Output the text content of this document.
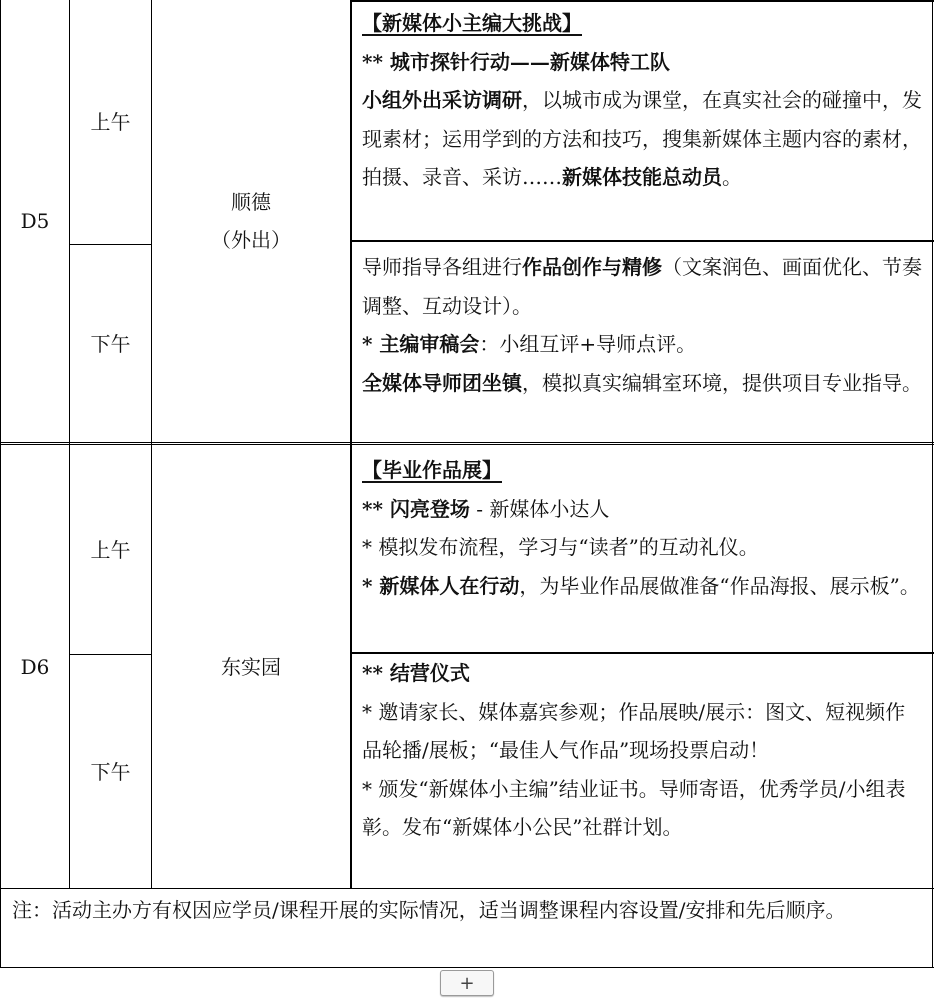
D5
上午
下午
顺德
（外出）

【新媒体小主编大挑战】

** 城市探针行动——新媒体特工队

小组外出采访调研，以城市成为课堂，在真实社会的碰撞中，发现素材；运用学到的方法和技巧，搜集新媒体主题内容的素材，拍摄、录音、采访……新媒体技能总动员。

导师指导各组进行作品创作与精修（文案润色、画面优化、节奏调整、互动设计）。

* 主编审稿会：小组互评+导师点评。

全媒体导师团坐镇，模拟真实编辑室环境，提供项目专业指导。

D6
上午
下午
东实园

【毕业作品展】

** 闪亮登场 - 新媒体小达人

* 模拟发布流程，学习与“读者”的互动礼仪。

* 新媒体人在行动，为毕业作品展做准备“作品海报、展示板”。

** 结营仪式

* 邀请家长、媒体嘉宾参观；作品展映/展示：图文、短视频作品轮播/展板；“最佳人气作品”现场投票启动！

* 颁发“新媒体小主编”结业证书。导师寄语，优秀学员/小组表彰。发布“新媒体小公民”社群计划。

注：活动主办方有权因应学员/课程开展的实际情况，适当调整课程内容设置/安排和先后顺序。
+
